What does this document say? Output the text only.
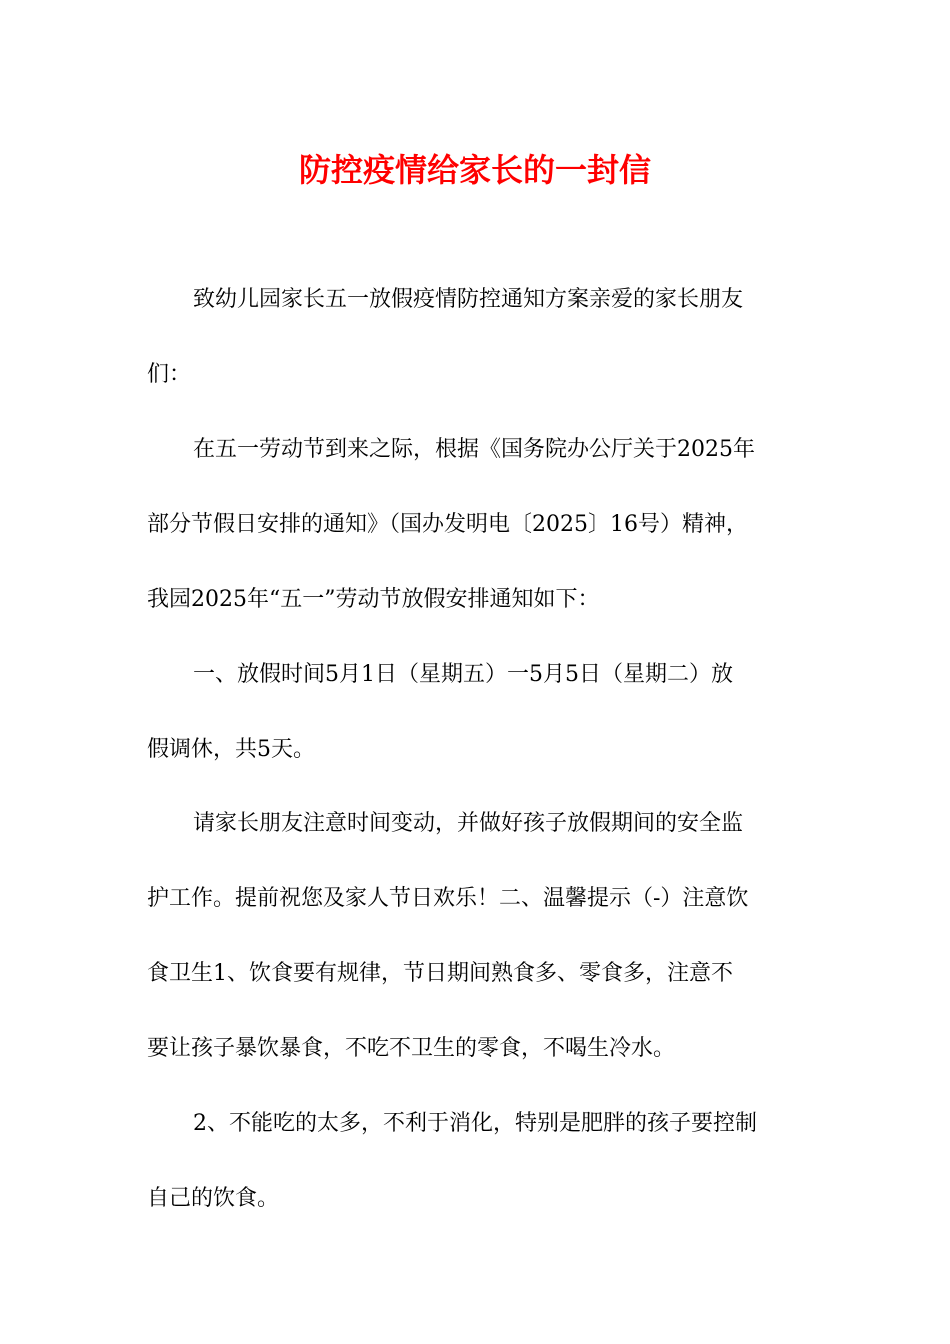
防控疫情给家长的一封信

致幼儿园家长五一放假疫情防控通知方案亲爱的家长朋友

们：

在五一劳动节到来之际，根据《国务院办公厅关于2025年

部分节假日安排的通知》（国办发明电〔2025〕16号）精神，

我园2025年“五一”劳动节放假安排通知如下：

一、放假时间5月1日（星期五）一5月5日（星期二）放

假调休，共5天。

请家长朋友注意时间变动，并做好孩子放假期间的安全监

护工作。提前祝您及家人节日欢乐！二、温馨提示（-）注意饮

食卫生1、饮食要有规律，节日期间熟食多、零食多，注意不

要让孩子暴饮暴食，不吃不卫生的零食，不喝生冷水。

2、不能吃的太多，不利于消化，特别是肥胖的孩子要控制

自己的饮食。
